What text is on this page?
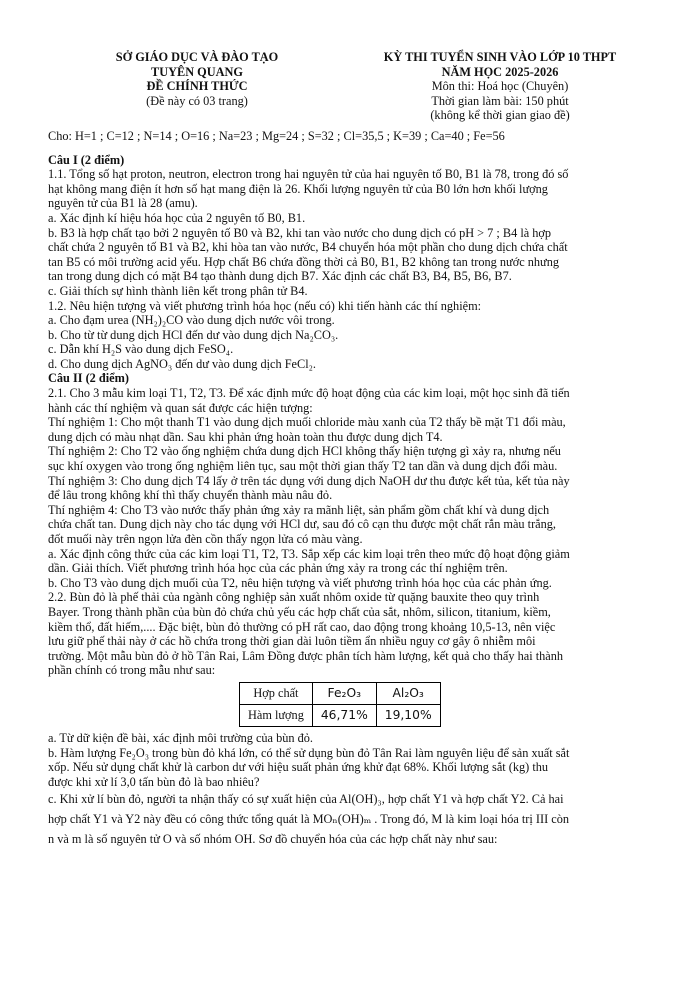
SỞ GIÁO DỤC VÀ ĐÀO TẠO
TUYÊN QUANG
ĐỀ CHÍNH THỨC
(Đề này có 03 trang)
KỲ THI TUYỂN SINH VÀO LỚP 10 THPT
NĂM HỌC 2025-2026
Môn thi: Hoá học (Chuyên)
Thời gian làm bài: 150 phút
(không kể thời gian giao đề)
Cho: H=1 ; C=12 ; N=14 ; O=16 ; Na=23 ; Mg=24 ; S=32 ; Cl=35,5 ; K=39 ; Ca=40 ; Fe=56
Câu I (2 điểm)
1.1. Tổng số hạt proton, neutron, electron trong hai nguyên tử của hai nguyên tố B0, B1 là 78, trong đó số
hạt không mang điện ít hơn số hạt mang điện là 26. Khối lượng nguyên tử của B0 lớn hơn khối lượng
nguyên tử của B1 là 28 (amu).
a. Xác định kí hiệu hóa học của 2 nguyên tố B0, B1.
b. B3 là hợp chất tạo bởi 2 nguyên tố B0 và B2, khi tan vào nước cho dung dịch có pH > 7 ; B4 là hợp
chất chứa 2 nguyên tố B1 và B2, khi hòa tan vào nước, B4 chuyển hóa một phần cho dung dịch chứa chất
tan B5 có môi trường acid yếu. Hợp chất B6 chứa đồng thời cả B0, B1, B2 không tan trong nước nhưng
tan trong dung dịch có mặt B4 tạo thành dung dịch B7. Xác định các chất B3, B4, B5, B6, B7.
c. Giải thích sự hình thành liên kết trong phân tử B4.
1.2. Nêu hiện tượng và viết phương trình hóa học (nếu có) khi tiến hành các thí nghiệm:
a. Cho đạm urea (NH₂)₂CO vào dung dịch nước vôi trong.
b. Cho từ từ dung dịch HCl đến dư vào dung dịch Na₂CO₃.
c. Dẫn khí H₂S vào dung dịch FeSO₄.
d. Cho dung dịch AgNO₃ đến dư vào dung dịch FeCl₂.
Câu II (2 điểm)
2.1. Cho 3 mẫu kim loại T1, T2, T3. Để xác định mức độ hoạt động của các kim loại, một học sinh đã tiến
hành các thí nghiệm và quan sát được các hiện tượng:
Thí nghiệm 1: Cho một thanh T1 vào dung dịch muối chloride màu xanh của T2 thấy bề mặt T1 đổi màu,
dung dịch có màu nhạt dần. Sau khi phản ứng hoàn toàn thu được dung dịch T4.
Thí nghiệm 2: Cho T2 vào ống nghiệm chứa dung dịch HCl không thấy hiện tượng gì xảy ra, nhưng nếu
sục khí oxygen vào trong ống nghiệm liên tục, sau một thời gian thấy T2 tan dần và dung dịch đổi màu.
Thí nghiệm 3: Cho dung dịch T4 lấy ở trên tác dụng với dung dịch NaOH dư thu được kết tủa, kết tủa này
để lâu trong không khí thì thấy chuyển thành màu nâu đỏ.
Thí nghiệm 4: Cho T3 vào nước thấy phản ứng xảy ra mãnh liệt, sản phẩm gồm chất khí và dung dịch
chứa chất tan. Dung dịch này cho tác dụng với HCl dư, sau đó cô cạn thu được một chất rắn màu trắng,
đốt muối này trên ngọn lửa đèn cồn thấy ngọn lửa có màu vàng.
a. Xác định công thức của các kim loại T1, T2, T3. Sắp xếp các kim loại trên theo mức độ hoạt động giảm
dần. Giải thích. Viết phương trình hóa học của các phản ứng xảy ra trong các thí nghiệm trên.
b. Cho T3 vào dung dịch muối của T2, nêu hiện tượng và viết phương trình hóa học của các phản ứng.
2.2. Bùn đỏ là phế thải của ngành công nghiệp sản xuất nhôm oxide từ quặng bauxite theo quy trình
Bayer. Trong thành phần của bùn đỏ chứa chủ yếu các hợp chất của sắt, nhôm, silicon, titanium, kiềm,
kiềm thổ, đất hiếm,.... Đặc biệt, bùn đỏ thường có pH rất cao, dao động trong khoảng 10,5-13, nên việc
lưu giữ phế thải này ở các hồ chứa trong thời gian dài luôn tiềm ẩn nhiều nguy cơ gây ô nhiễm môi
trường. Một mẫu bùn đỏ ở hồ Tân Rai, Lâm Đồng được phân tích hàm lượng, kết quả cho thấy hai thành
phần chính có trong mẫu như sau:
Hợp chất	Fe₂O₃	Al₂O₃
Hàm lượng	46,71%	19,10%
a. Từ dữ kiện đề bài, xác định môi trường của bùn đỏ.
b. Hàm lượng Fe₂O₃ trong bùn đỏ khá lớn, có thể sử dụng bùn đỏ Tân Rai làm nguyên liệu để sản xuất sắt
xốp. Nếu sử dụng chất khử là carbon dư với hiệu suất phản ứng khử đạt 68%. Khối lượng sắt (kg) thu
được khi xử lí 3,0 tấn bùn đỏ là bao nhiêu?
c. Khi xử lí bùn đỏ, người ta nhận thấy có sự xuất hiện của Al(OH)₃, hợp chất Y1 và hợp chất Y2. Cả hai
hợp chất Y1 và Y2 này đều có công thức tổng quát là MOₙ(OH)ₘ . Trong đó, M là kim loại hóa trị III còn
n và m là số nguyên tử O và số nhóm OH. Sơ đồ chuyển hóa của các hợp chất này như sau:
